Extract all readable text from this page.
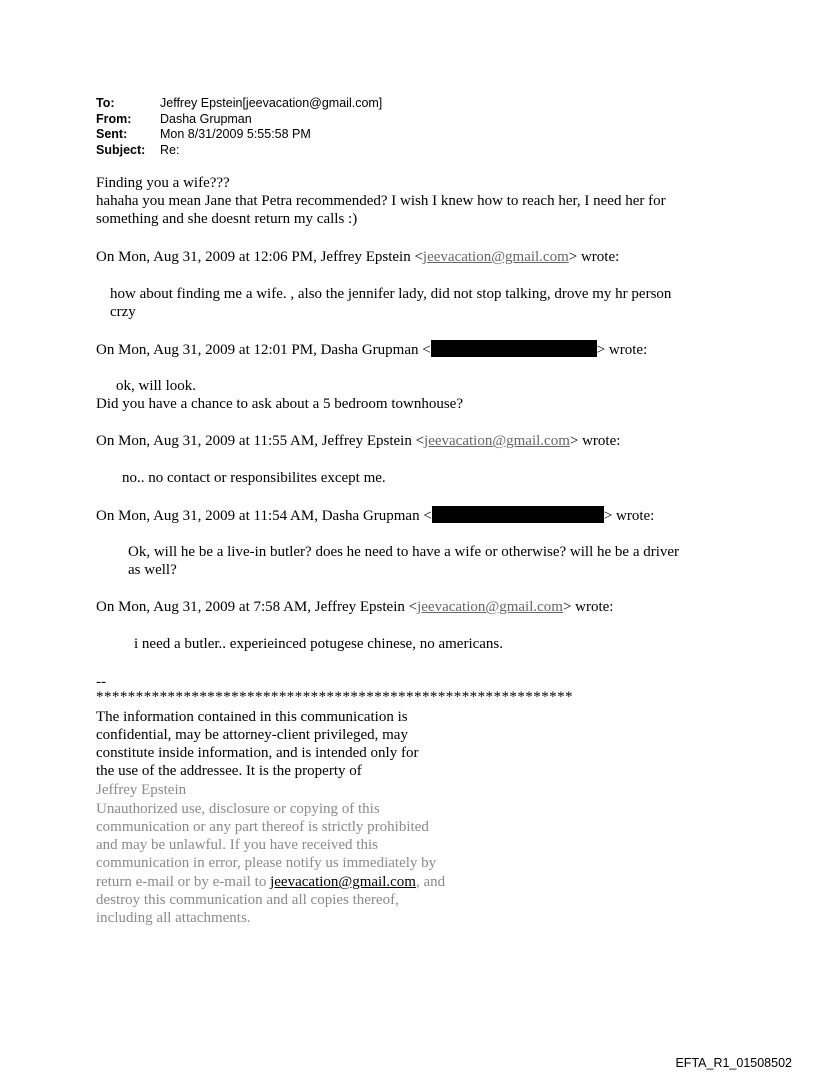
To:	Jeffrey Epstein[jeevacation@gmail.com]
From:	Dasha Grupman
Sent:	Mon 8/31/2009 5:55:58 PM
Subject:	Re:
Finding you a wife???
hahaha you mean Jane that Petra recommended? I wish I knew how to reach her, I need her for
something and she doesnt return my calls :)
On Mon, Aug 31, 2009 at 12:06 PM, Jeffrey Epstein <jeevacation@gmail.com> wrote:
how about finding me a wife. , also the jennifer lady, did not stop talking, drove my hr person
crzy
On Mon, Aug 31, 2009 at 12:01 PM, Dasha Grupman <	> wrote:
ok, will look.
Did you have a chance to ask about a 5 bedroom townhouse?
On Mon, Aug 31, 2009 at 11:55 AM, Jeffrey Epstein <jeevacation@gmail.com> wrote:
no.. no contact or responsibilites except me.
On Mon, Aug 31, 2009 at 11:54 AM, Dasha Grupman <	> wrote:
Ok, will he be a live-in butler? does he need to have a wife or otherwise? will he be a driver
as well?
On Mon, Aug 31, 2009 at 7:58 AM, Jeffrey Epstein <jeevacation@gmail.com> wrote:
i need a butler.. experieinced potugese chinese, no americans.
--
************************************************************
The information contained in this communication is
confidential, may be attorney-client privileged, may
constitute inside information, and is intended only for
the use of the addressee. It is the property of
Jeffrey Epstein
Unauthorized use, disclosure or copying of this
communication or any part thereof is strictly prohibited
and may be unlawful. If you have received this
communication in error, please notify us immediately by
return e-mail or by e-mail to jeevacation@gmail.com, and
destroy this communication and all copies thereof,
including all attachments.
EFTA_R1_01508502
